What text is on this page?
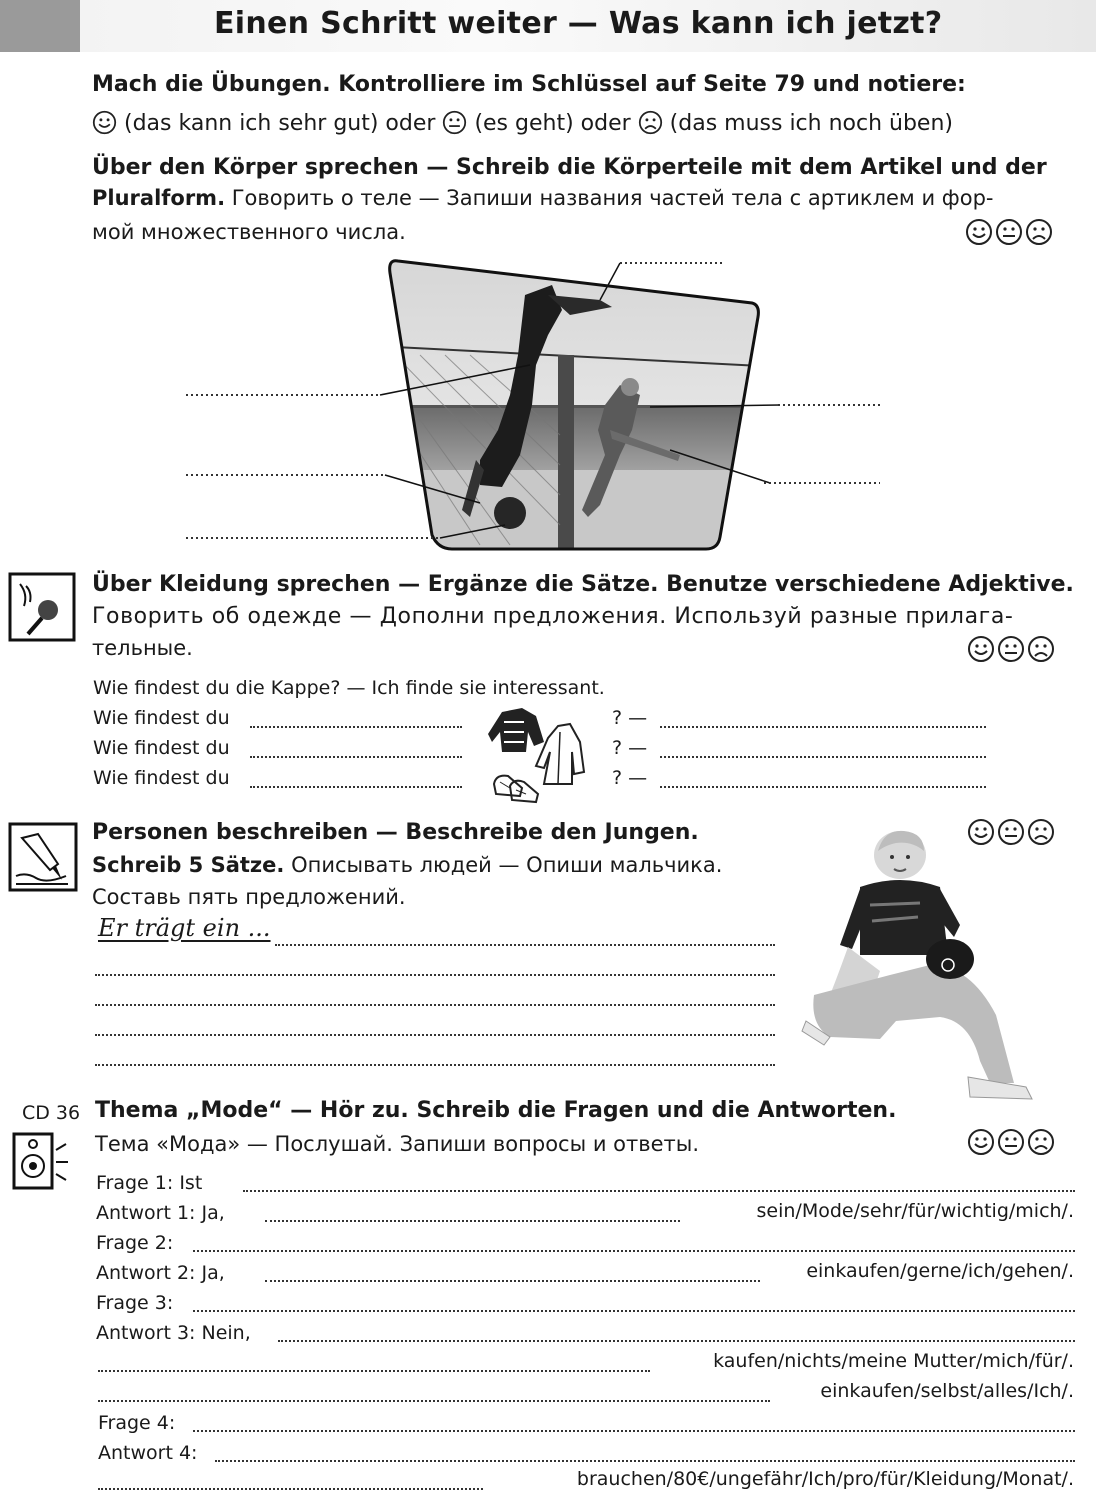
Einen Schritt weiter — Was kann ich jetzt?
Mach die Übungen. Kontrolliere im Schlüssel auf Seite 79 und notiere:
(das kann ich sehr gut) oder (es geht) oder (das muss ich noch üben)
Über den Körper sprechen — Schreib die Körperteile mit dem Artikel und der
Pluralform. Говорить о теле — Запиши названия частей тела с артиклем и фор-
мой множественного числа.
Über Kleidung sprechen — Ergänze die Sätze. Benutze verschiedene Adjektive.
Говорить об одежде — Дополни предложения. Используй разные прилага-
тельные.
Wie findest du die Kappe? — Ich finde sie interessant.
Wie findest du	? —
Wie findest du	? —
Wie findest du	? —
Personen beschreiben — Beschreibe den Jungen.
Schreib 5 Sätze. Описывать людей — Опиши мальчика.
Составь пять предложений.
Er trägt ein ...
CD 36 Thema „Mode“ — Hör zu. Schreib die Fragen und die Antworten.
Тема «Мода» — Послушай. Запиши вопросы и ответы.
Frage 1: Ist
Antwort 1: Ja,	sein/Mode/sehr/für/wichtig/mich/.
Frage 2:
Antwort 2: Ja,	einkaufen/gerne/ich/gehen/.
Frage 3:
Antwort 3: Nein,
kaufen/nichts/meine Mutter/mich/für/.
einkaufen/selbst/alles/Ich/.
Frage 4:
Antwort 4:
brauchen/80€/ungefähr/Ich/pro/für/Kleidung/Monat/.
